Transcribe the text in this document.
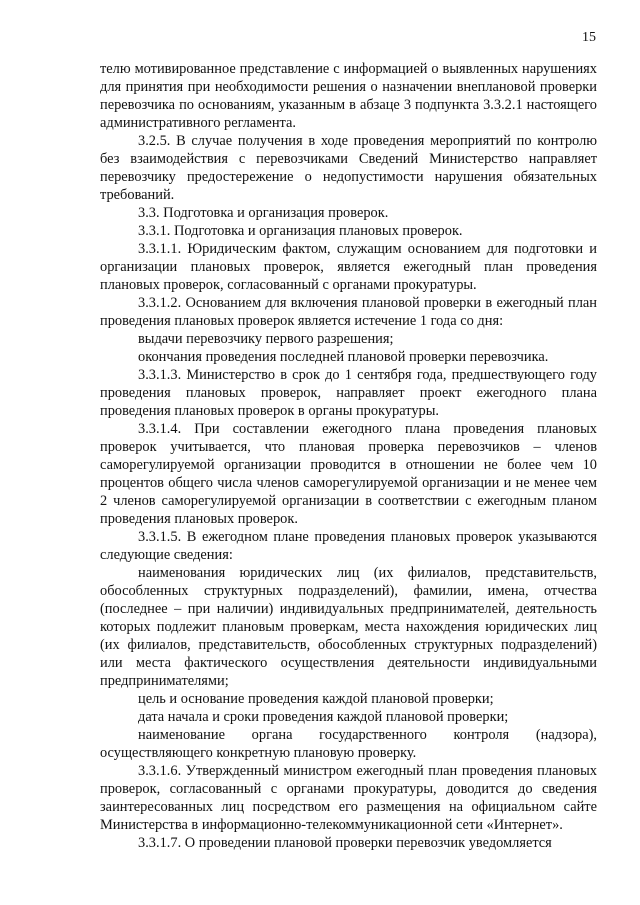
15

телю мотивированное представление с информацией о выявленных нарушениях для принятия при необходимости решения о назначении внеплановой проверки перевозчика по основаниям, указанным в абзаце 3 подпункта 3.3.2.1 настоящего административного регламента.

3.2.5. В случае получения в ходе проведения мероприятий по контролю без взаимодействия с перевозчиками Сведений Министерство направляет перевозчику предостережение о недопустимости нарушения обязательных требований.

3.3. Подготовка и организация проверок.

3.3.1. Подготовка и организация плановых проверок.

3.3.1.1. Юридическим фактом, служащим основанием для подготовки и организации плановых проверок, является ежегодный план проведения плановых проверок, согласованный с органами прокуратуры.

3.3.1.2. Основанием для включения плановой проверки в ежегодный план проведения плановых проверок является истечение 1 года со дня:

выдачи перевозчику первого разрешения;

окончания проведения последней плановой проверки перевозчика.

3.3.1.3. Министерство в срок до 1 сентября года, предшествующего году проведения плановых проверок, направляет проект ежегодного плана проведения плановых проверок в органы прокуратуры.

3.3.1.4. При составлении ежегодного плана проведения плановых проверок учитывается, что плановая проверка перевозчиков – членов саморегулируемой организации проводится в отношении не более чем 10 процентов общего числа членов саморегулируемой организации и не менее чем 2 членов саморегулируемой организации в соответствии с ежегодным планом проведения плановых проверок.

3.3.1.5. В ежегодном плане проведения плановых проверок указываются следующие сведения:

наименования юридических лиц (их филиалов, представительств, обособленных структурных подразделений), фамилии, имена, отчества (последнее – при наличии) индивидуальных предпринимателей, деятельность которых подлежит плановым проверкам, места нахождения юридических лиц (их филиалов, представительств, обособленных структурных подразделений) или места фактического осуществления деятельности индивидуальными предпринимателями;

цель и основание проведения каждой плановой проверки;

дата начала и сроки проведения каждой плановой проверки;

наименование органа государственного контроля (надзора), осуществляющего конкретную плановую проверку.

3.3.1.6. Утвержденный министром ежегодный план проведения плановых проверок, согласованный с органами прокуратуры, доводится до сведения заинтересованных лиц посредством его размещения на официальном сайте Министерства в информационно-телекоммуникационной сети «Интернет».

3.3.1.7. О проведении плановой проверки перевозчик уведомляется
